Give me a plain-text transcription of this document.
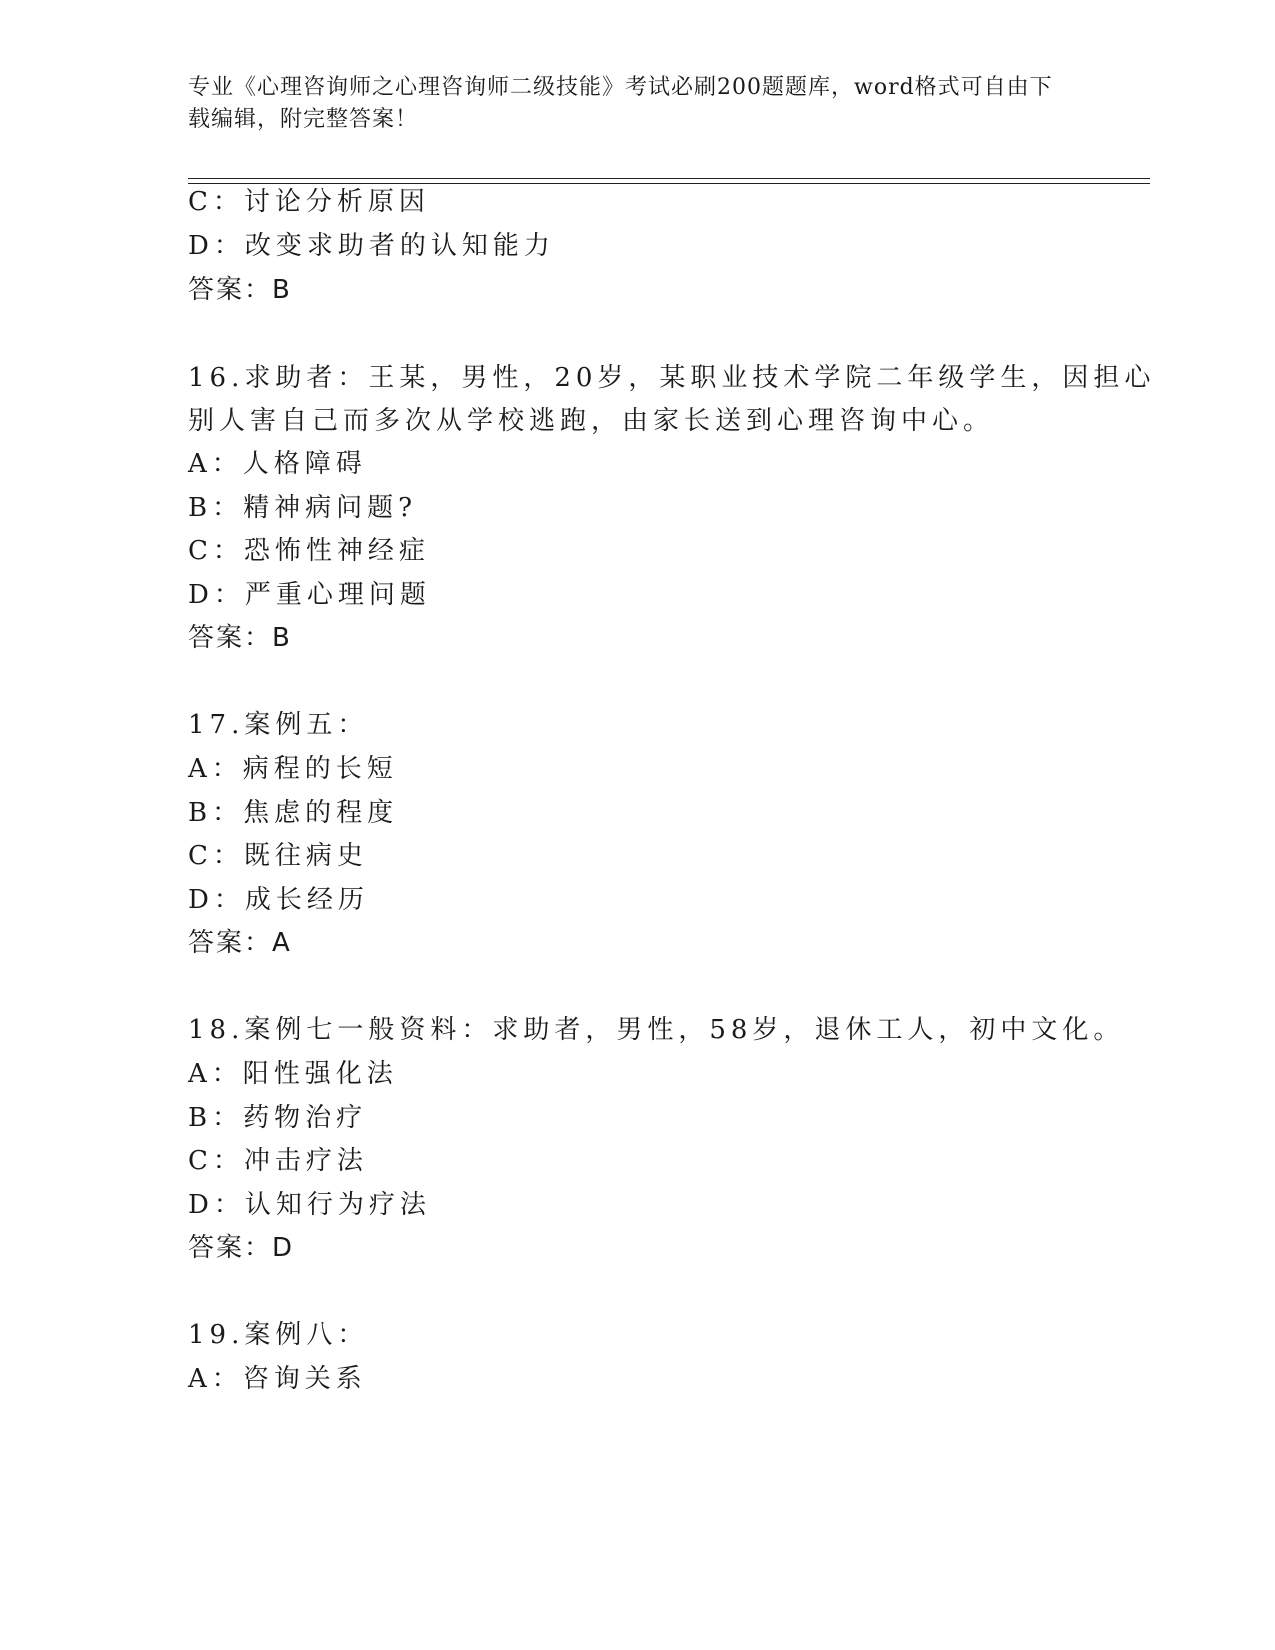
专业《心理咨询师之心理咨询师二级技能》考试必刷200题题库，word格式可自由下载编辑，附完整答案！
C：讨论分析原因
D：改变求助者的认知能力
答案：B
16.求助者：王某，男性，20岁，某职业技术学院二年级学生，因担心
别人害自己而多次从学校逃跑，由家长送到心理咨询中心。
A：人格障碍
B：精神病问题?
C：恐怖性神经症
D：严重心理问题
答案：B
17.案例五：
A：病程的长短
B：焦虑的程度
C：既往病史
D：成长经历
答案：A
18.案例七一般资料：求助者，男性，58岁，退休工人，初中文化。
A：阳性强化法
B：药物治疗
C：冲击疗法
D：认知行为疗法
答案：D
19.案例八：
A：咨询关系
